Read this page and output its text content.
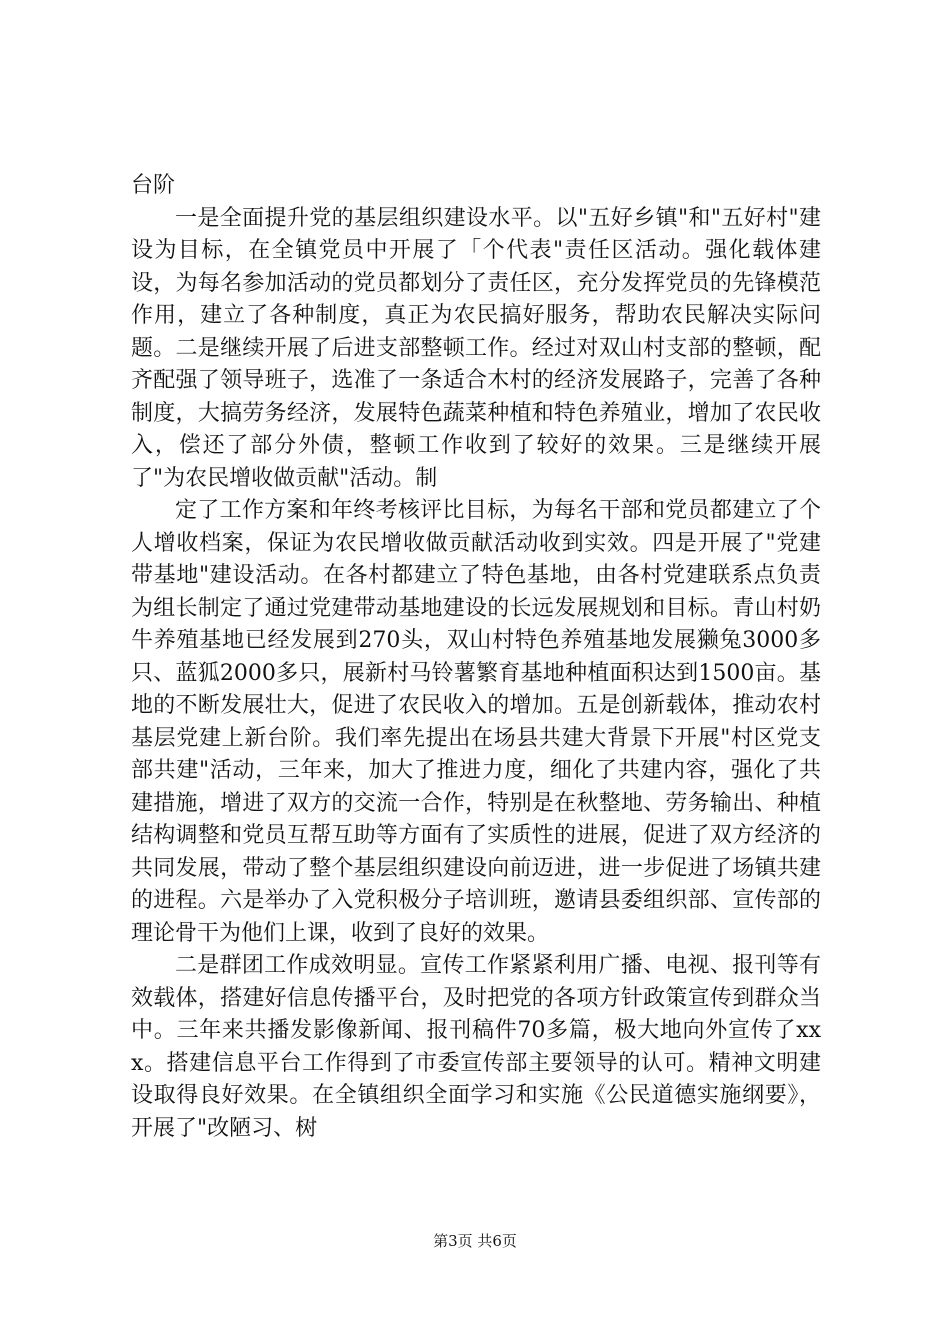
台阶

一是全面提升党的基层组织建设水平。以"五好乡镇"和"五好村"建设为目标，在全镇党员中开展了「个代表"责任区活动。强化载体建设，为每名参加活动的党员都划分了责任区，充分发挥党员的先锋模范作用，建立了各种制度，真正为农民搞好服务，帮助农民解决实际问题。二是继续开展了后进支部整顿工作。经过对双山村支部的整顿，配齐配强了领导班子，选准了一条适合木村的经济发展路子，完善了各种制度，大搞劳务经济，发展特色蔬菜种植和特色养殖业，增加了农民收入，偿还了部分外债，整顿工作收到了较好的效果。三是继续开展了"为农民增收做贡献"活动。制

定了工作方案和年终考核评比目标，为每名干部和党员都建立了个人增收档案，保证为农民增收做贡献活动收到实效。四是开展了"党建带基地"建设活动。在各村都建立了特色基地，由各村党建联系点负责为组长制定了通过党建带动基地建设的长远发展规划和目标。青山村奶牛养殖基地已经发展到270头，双山村特色养殖基地发展獭兔3000多只、蓝狐2000多只，展新村马铃薯繁育基地种植面积达到1500亩。基地的不断发展壮大，促进了农民收入的增加。五是创新载体，推动农村基层党建上新台阶。我们率先提出在场县共建大背景下开展"村区党支部共建"活动，三年来，加大了推进力度，细化了共建内容，强化了共建措施，增进了双方的交流一合作，特别是在秋整地、劳务输出、种植结构调整和党员互帮互助等方面有了实质性的进展，促进了双方经济的共同发展，带动了整个基层组织建设向前迈进，进一步促进了场镇共建的进程。六是举办了入党积极分子培训班，邀请县委组织部、宣传部的理论骨干为他们上课，收到了良好的效果。

二是群团工作成效明显。宣传工作紧紧利用广播、电视、报刊等有效载体，搭建好信息传播平台，及时把党的各项方针政策宣传到群众当中。三年来共播发影像新闻、报刊稿件70多篇，极大地向外宣传了xxx。搭建信息平台工作得到了市委宣传部主要领导的认可。精神文明建设取得良好效果。在全镇组织全面学习和实施《公民道德实施纲要》，开展了"改陋习、树

第3页 共6页
